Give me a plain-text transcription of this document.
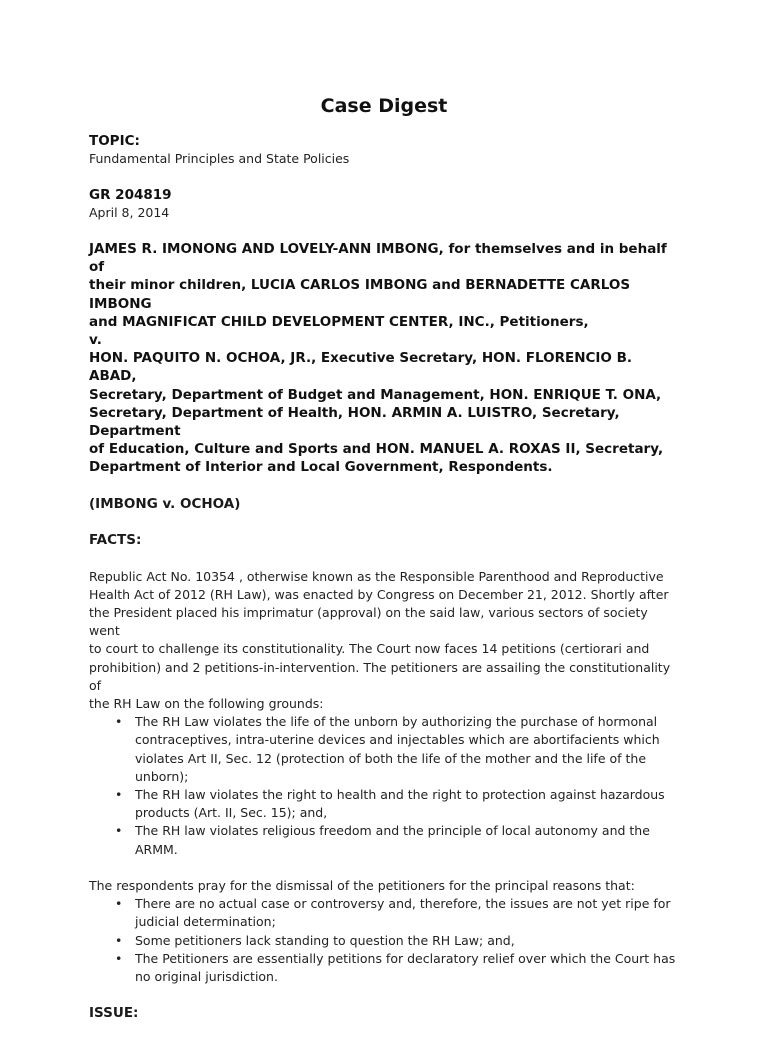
Case Digest

TOPIC:

Fundamental Principles and State Policies

GR 204819

April 8, 2014

JAMES R. IMONONG AND LOVELY-ANN IMBONG, for themselves and in behalf of
their minor children, LUCIA CARLOS IMBONG and BERNADETTE CARLOS IMBONG
and MAGNIFICAT CHILD DEVELOPMENT CENTER, INC., Petitioners,
v.
HON. PAQUITO N. OCHOA, JR., Executive Secretary, HON. FLORENCIO B. ABAD,
Secretary, Department of Budget and Management, HON. ENRIQUE T. ONA,
Secretary, Department of Health, HON. ARMIN A. LUISTRO, Secretary, Department
of Education, Culture and Sports and HON. MANUEL A. ROXAS II, Secretary,
Department of Interior and Local Government, Respondents.

(IMBONG v. OCHOA)

FACTS:

Republic Act No. 10354 , otherwise known as the Responsible Parenthood and Reproductive

Health Act of 2012 (RH Law), was enacted by Congress on December 21, 2012. Shortly after

the President placed his imprimatur (approval) on the said law, various sectors of society went

to court to challenge its constitutionality. The Court now faces 14 petitions (certiorari and

prohibition) and 2 petitions-in-intervention. The petitioners are assailing the constitutionality of

the RH Law on the following grounds:

• The RH Law violates the life of the unborn by authorizing the purchase of hormonal
contraceptives, intra-uterine devices and injectables which are abortifacients which
violates Art II, Sec. 12 (protection of both the life of the mother and the life of the
unborn);
• The RH law violates the right to health and the right to protection against hazardous
products (Art. II, Sec. 15); and,
• The RH law violates religious freedom and the principle of local autonomy and the
ARMM.

The respondents pray for the dismissal of the petitioners for the principal reasons that:

• There are no actual case or controversy and, therefore, the issues are not yet ripe for
judicial determination;
• Some petitioners lack standing to question the RH Law; and,
• The Petitioners are essentially petitions for declaratory relief over which the Court has
no original jurisdiction.

ISSUE:
